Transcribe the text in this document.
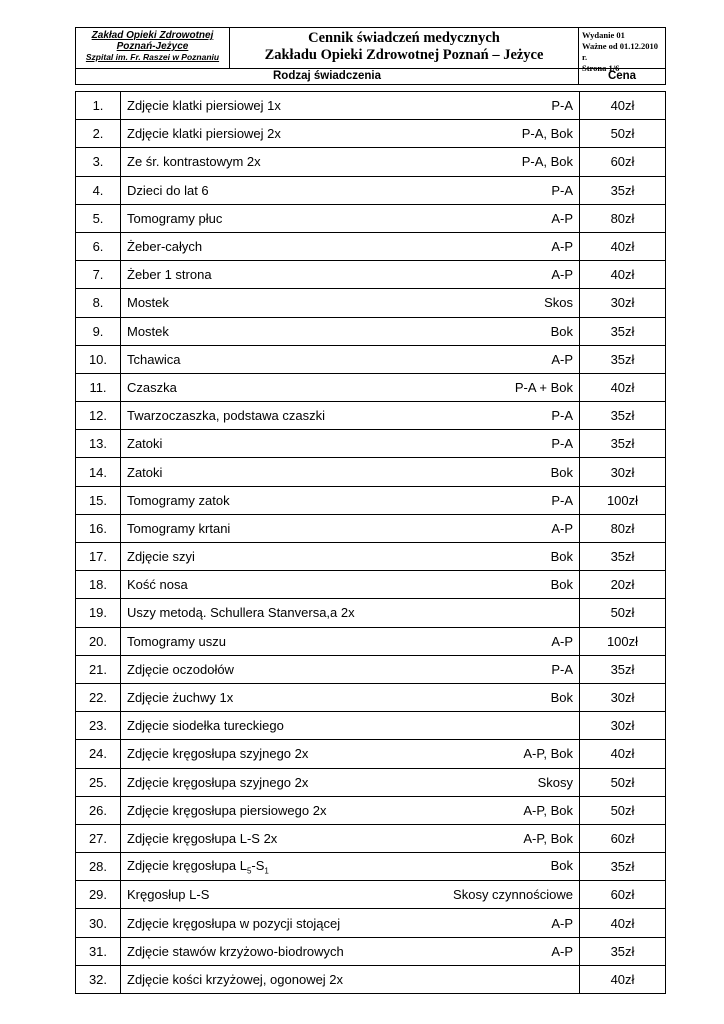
Zakład Opieki Zdrowotnej
Poznań-Jeżyce
Szpital im. Fr. Raszei w Poznaniu
Cennik świadczeń medycznych
Zakładu Opieki Zdrowotnej Poznań – Jeżyce
Wydanie 01
Ważne od 01.12.2010 r.
Strona 1/6
Rodzaj świadczenia	Cena
1.	Zdjęcie klatki piersiowej 1x P-A	40zł
2.	Zdjęcie klatki piersiowej 2x P-A, Bok	50zł
3.	Ze śr. kontrastowym 2x P-A, Bok	60zł
4.	Dzieci do lat 6 P-A	35zł
5.	Tomogramy płuc A-P	80zł
6.	Żeber-całych A-P	40zł
7.	Żeber 1 strona A-P	40zł
8.	Mostek Skos	30zł
9.	Mostek Bok	35zł
10.	Tchawica A-P	35zł
11.	Czaszka P-A + Bok	40zł
12.	Twarzoczaszka, podstawa czaszki P-A	35zł
13.	Zatoki P-A	35zł
14.	Zatoki Bok	30zł
15.	Tomogramy zatok P-A	100zł
16.	Tomogramy krtani A-P	80zł
17.	Zdjęcie szyi Bok	35zł
18.	Kość nosa Bok	20zł
19.	Uszy metodą. Schullera Stanversa,a 2x	50zł
20.	Tomogramy uszu A-P	100zł
21.	Zdjęcie oczodołów P-A	35zł
22.	Zdjęcie żuchwy 1x Bok	30zł
23.	Zdjęcie siodełka tureckiego	30zł
24.	Zdjęcie kręgosłupa szyjnego 2x A-P, Bok	40zł
25.	Zdjęcie kręgosłupa szyjnego 2x Skosy	50zł
26.	Zdjęcie kręgosłupa piersiowego 2x A-P, Bok	50zł
27.	Zdjęcie kręgosłupa L-S 2x A-P, Bok	60zł
28.	Zdjęcie kręgosłupa $L_5-S_1$ Bok	35zł
29.	Kręgosłup L-S Skosy czynnościowe	60zł
30.	Zdjęcie kręgosłupa w pozycji stojącej A-P	40zł
31.	Zdjęcie stawów krzyżowo-biodrowych A-P	35zł
32.	Zdjęcie kości krzyżowej, ogonowej 2x	40zł
